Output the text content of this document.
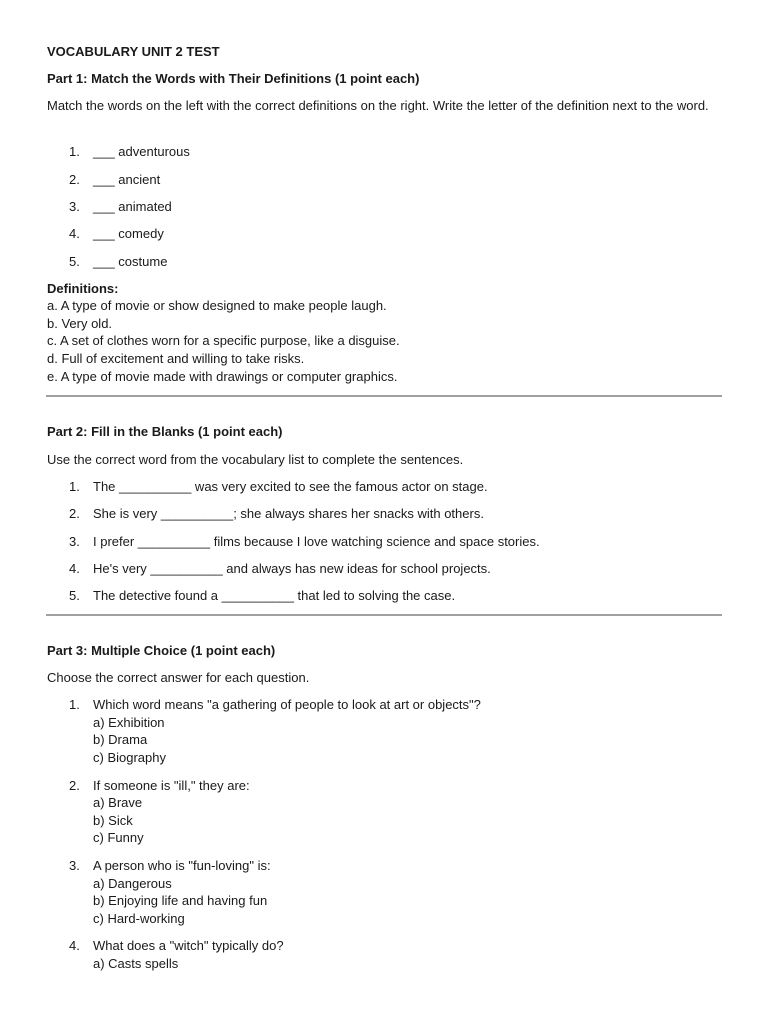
VOCABULARY UNIT 2 TEST
Part 1: Match the Words with Their Definitions (1 point each)
Match the words on the left with the correct definitions on the right. Write the letter of the definition next to the word.
1. ___ adventurous
2. ___ ancient
3. ___ animated
4. ___ comedy
5. ___ costume
Definitions:
a. A type of movie or show designed to make people laugh.
b. Very old.
c. A set of clothes worn for a specific purpose, like a disguise.
d. Full of excitement and willing to take risks.
e. A type of movie made with drawings or computer graphics.
Part 2: Fill in the Blanks (1 point each)
Use the correct word from the vocabulary list to complete the sentences.
1. The __________ was very excited to see the famous actor on stage.
2. She is very __________; she always shares her snacks with others.
3. I prefer __________ films because I love watching science and space stories.
4. He's very __________ and always has new ideas for school projects.
5. The detective found a __________ that led to solving the case.
Part 3: Multiple Choice (1 point each)
Choose the correct answer for each question.
1. Which word means "a gathering of people to look at art or objects"?
a) Exhibition
b) Drama
c) Biography
2. If someone is "ill," they are:
a) Brave
b) Sick
c) Funny
3. A person who is "fun-loving" is:
a) Dangerous
b) Enjoying life and having fun
c) Hard-working
4. What does a "witch" typically do?
a) Casts spells
